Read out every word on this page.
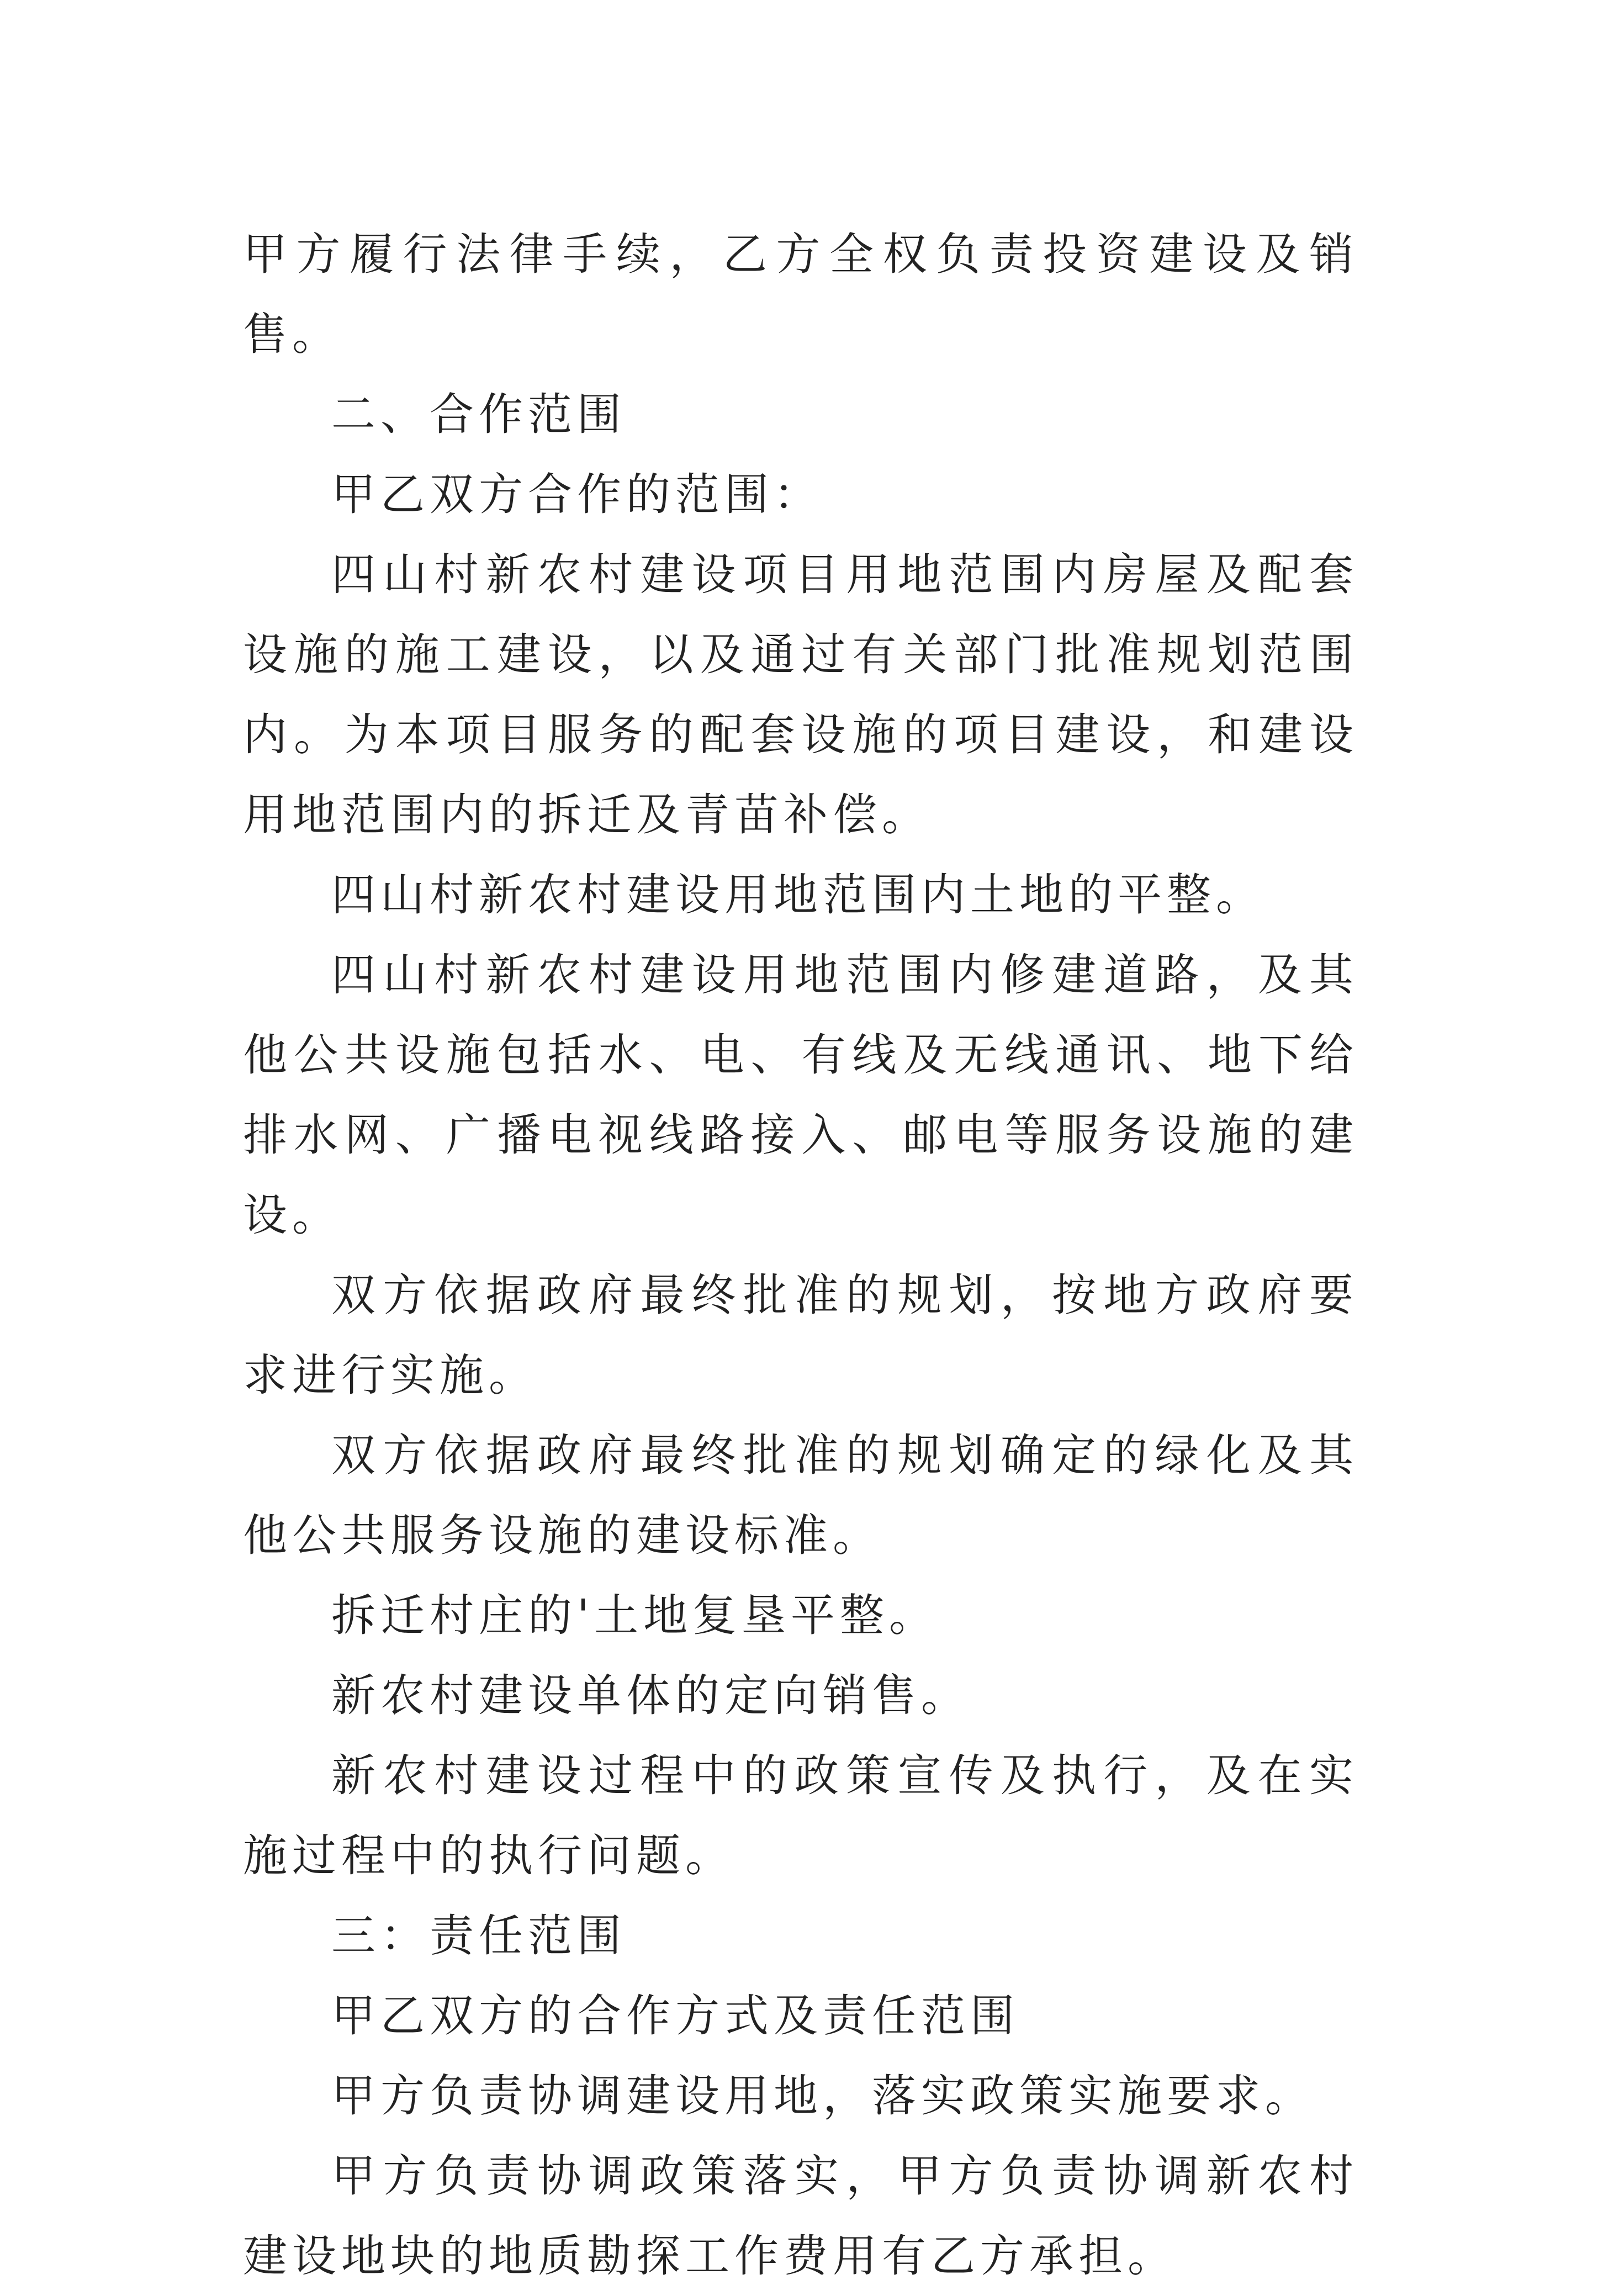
甲方履行法律手续，乙方全权负责投资建设及销售。

二、合作范围

甲乙双方合作的范围：

四山村新农村建设项目用地范围内房屋及配套设施的施工建设，以及通过有关部门批准规划范围内。为本项目服务的配套设施的项目建设，和建设用地范围内的拆迁及青苗补偿。

四山村新农村建设用地范围内土地的平整。

四山村新农村建设用地范围内修建道路，及其他公共设施包括水、电、有线及无线通讯、地下给排水网、广播电视线路接入、邮电等服务设施的建设。

双方依据政府最终批准的规划，按地方政府要求进行实施。

双方依据政府最终批准的规划确定的绿化及其他公共服务设施的建设标准。

拆迁村庄的'土地复垦平整。

新农村建设单体的定向销售。

新农村建设过程中的政策宣传及执行，及在实施过程中的执行问题。

三：责任范围

甲乙双方的合作方式及责任范围

甲方负责协调建设用地，落实政策实施要求。

甲方负责协调政策落实，甲方负责协调新农村建设地块的地质勘探工作费用有乙方承担。
